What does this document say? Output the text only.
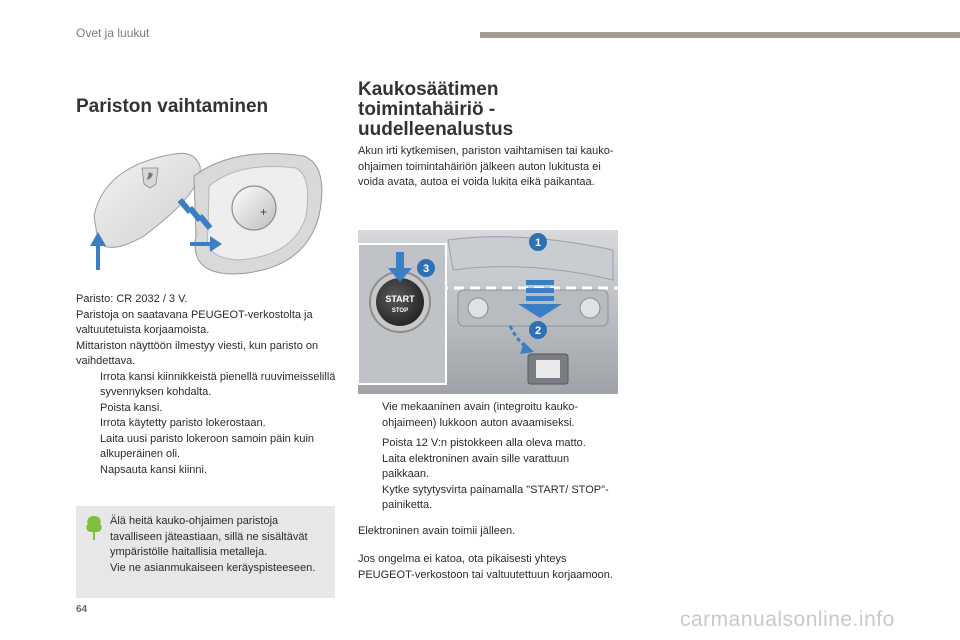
Ovet ja luukut
Pariston vaihtaminen
+

Paristo: CR 2032 / 3 V.

Paristoja on saatavana PEUGEOT-verkostolta ja valtuutetuista korjaamoista.

Mittariston näyttöön ilmestyy viesti, kun paristo on vaihdettava.

Irrota kansi kiinnikkeistä pienellä ruuvimeisselillä syvennyksen kohdalta.
Poista kansi.
Irrota käytetty paristo lokerostaan.
Laita uusi paristo lokeroon samoin päin kuin alkuperäinen oli.
Napsauta kansi kiinni.

Älä heitä kauko-ohjaimen paristoja tavalliseen jäteastiaan, sillä ne sisältävät ympäristölle haitallisia metalleja.

Vie ne asianmukaiseen keräyspisteeseen.

Kaukosäätimen toimintahäiriö - uudelleenalustus

Akun irti kytkemisen, pariston vaihtamisen tai kauko-ohjaimen toimintahäiriön jälkeen auton lukitusta ei voida avata, autoa ei voida lukita eikä paikantaa.

START
STOP
1
2
3
Vie mekaaninen avain (integroitu kauko-ohjaimeen) lukkoon auton avaamiseksi.
Poista 12 V:n pistokkeen alla oleva matto.
Laita elektroninen avain sille varattuun paikkaan.
Kytke sytytysvirta painamalla "START/ STOP"-painiketta.

Elektroninen avain toimii jälleen.

Jos ongelma ei katoa, ota pikaisesti yhteys PEUGEOT-verkostoon tai valtuutettuun korjaamoon.

64	carmanualsonline.info
